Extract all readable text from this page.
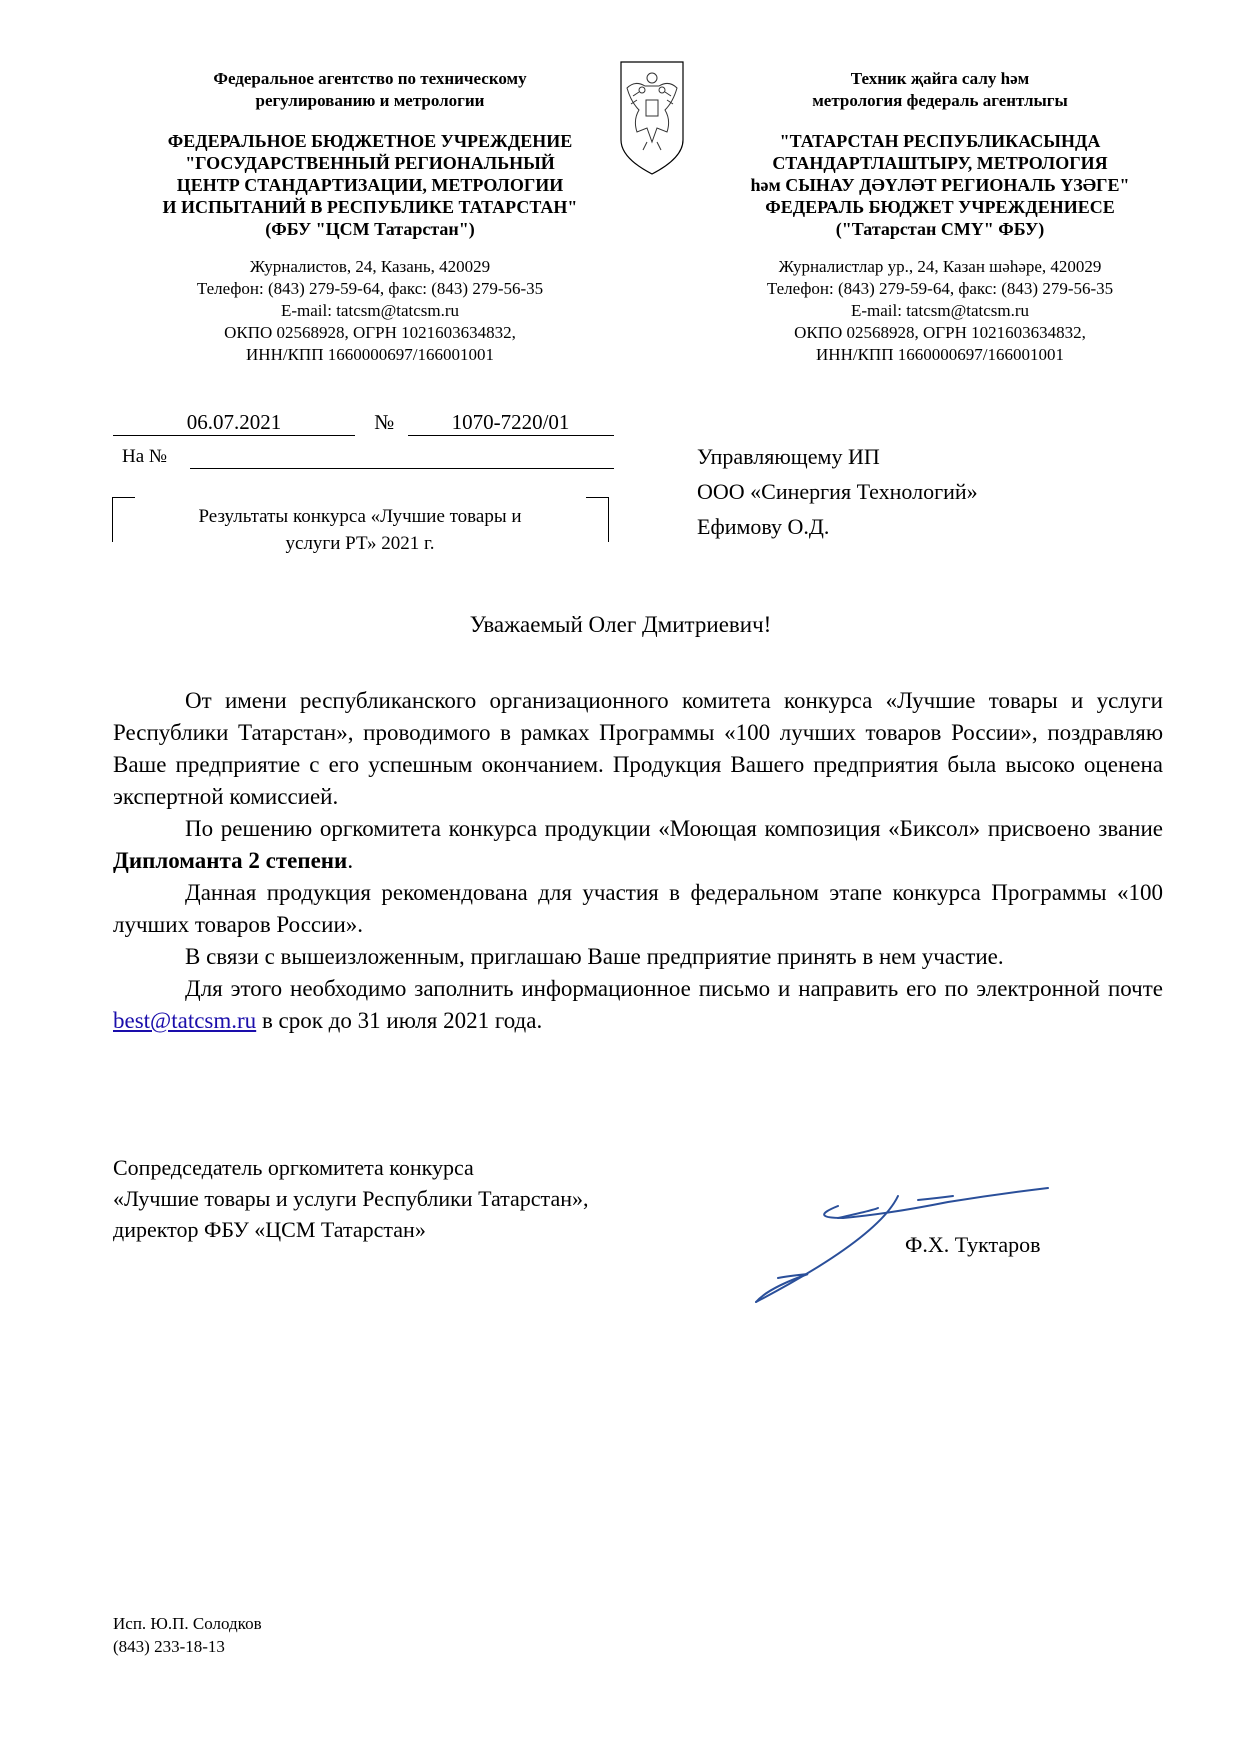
Федеральное агентство по техническому
регулированию и метрологии
ФЕДЕРАЛЬНОЕ БЮДЖЕТНОЕ УЧРЕЖДЕНИЕ
"ГОСУДАРСТВЕННЫЙ РЕГИОНАЛЬНЫЙ
ЦЕНТР СТАНДАРТИЗАЦИИ, МЕТРОЛОГИИ
И ИСПЫТАНИЙ В РЕСПУБЛИКЕ ТАТАРСТАН"
(ФБУ "ЦСМ Татарстан")
Журналистов, 24, Казань, 420029
Телефон: (843) 279-59-64, факс: (843) 279-56-35
E-mail: tatcsm@tatcsm.ru
ОКПО 02568928, ОГРН 1021603634832,
ИНН/КПП 1660000697/166001001
Техник җайга салу һәм
метрология федераль агентлыгы
"ТАТАРСТАН РЕСПУБЛИКАСЫНДА
СТАНДАРТЛАШТЫРУ, МЕТРОЛОГИЯ
һәм СЫНАУ ДӘҮЛӘТ РЕГИОНАЛЬ ҮЗӘГЕ"
ФЕДЕРАЛЬ БЮДЖЕТ УЧРЕЖДЕНИЕСЕ
("Татарстан СМҮ" ФБУ)
Журналистлар ур., 24, Казан шәһәре, 420029
Телефон: (843) 279-59-64, факс: (843) 279-56-35
E-mail: tatcsm@tatcsm.ru
ОКПО 02568928, ОГРН 1021603634832,
ИНН/КПП 1660000697/166001001
06.07.2021	№	1070-7220/01
На №
Результаты конкурса «Лучшие товары и
услуги РТ» 2021 г.
Управляющему ИП
ООО «Синергия Технологий»
Ефимову О.Д.
Уважаемый Олег Дмитриевич!

От имени республиканского организационного комитета конкурса «Лучшие товары и услуги Республики Татарстан», проводимого в рамках Программы «100 лучших товаров России», поздравляю Ваше предприятие с его успешным окончанием. Продукция Вашего предприятия была высоко оценена экспертной комиссией.

По решению оргкомитета конкурса продукции «Моющая композиция «Биксол» присвоено звание Дипломанта 2 степени.

Данная продукция рекомендована для участия в федеральном этапе конкурса Программы «100 лучших товаров России».

В связи с вышеизложенным, приглашаю Ваше предприятие принять в нем участие.

Для этого необходимо заполнить информационное письмо и направить его по электронной почте best@tatcsm.ru в срок до 31 июля 2021 года.

Сопредседатель оргкомитета конкурса
«Лучшие товары и услуги Республики Татарстан»,
директор ФБУ «ЦСМ Татарстан»
Ф.Х. Туктаров
Исп. Ю.П. Солодков
(843) 233-18-13
